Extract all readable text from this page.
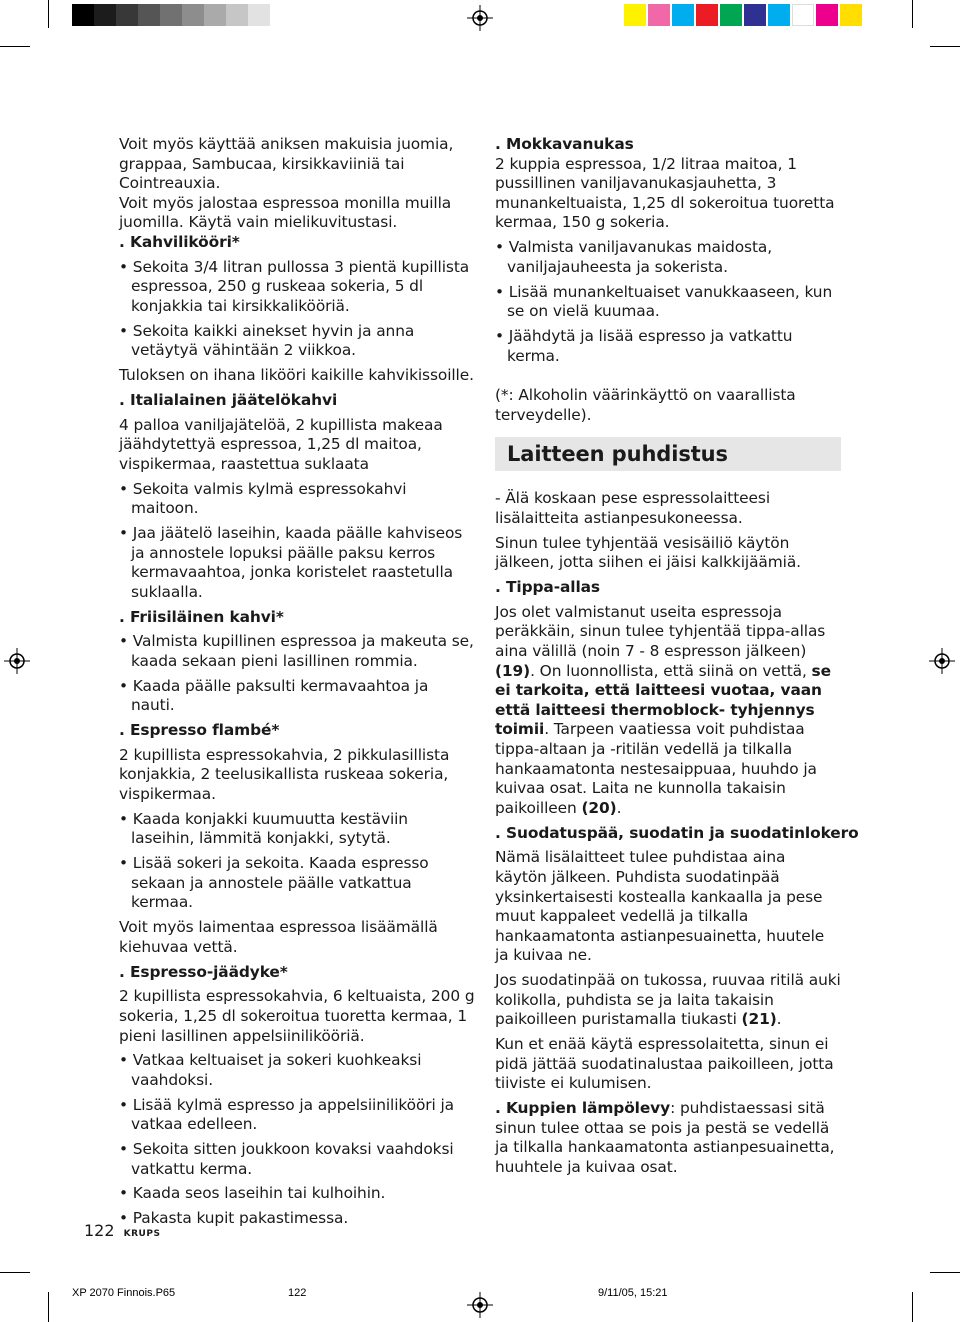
Voit myös käyttää aniksen makuisia juomia, grappaa, Sambucaa, kirsikkaviiniä tai Cointreauxia.

Voit myös jalostaa espressoa monilla muilla juomilla. Käytä vain mielikuvitustasi.

. Kahvilikööri*

• Sekoita 3/4 litran pullossa 3 pientä kupillista espressoa, 250 g ruskeaa sokeria, 5 dl konjakkia tai kirsikkalikööriä.

• Sekoita kaikki ainekset hyvin ja anna vetäytyä vähintään 2 viikkoa.

Tuloksen on ihana likööri kaikille kahvikissoille.

. Italialainen jäätelökahvi

4 palloa vaniljajätelöä, 2 kupillista makeaa jäähdytettyä espressoa, 1,25 dl maitoa, vispikermaa, raastettua suklaata

• Sekoita valmis kylmä espressokahvi maitoon.

• Jaa jäätelö laseihin, kaada päälle kahviseos ja annostele lopuksi päälle paksu kerros kermavaahtoa, jonka koristelet raastetulla suklaalla.

. Friisiläinen kahvi*

• Valmista kupillinen espressoa ja makeuta se, kaada sekaan pieni lasillinen rommia.

• Kaada päälle paksulti kermavaahtoa ja nauti.

. Espresso flambé*

2 kupillista espressokahvia, 2 pikkulasillista konjakkia, 2 teelusikallista ruskeaa sokeria, vispikermaa.

• Kaada konjakki kuumuutta kestäviin laseihin, lämmitä konjakki, sytytä.

• Lisää sokeri ja sekoita. Kaada espresso sekaan ja annostele päälle vatkattua kermaa.

Voit myös laimentaa espressoa lisäämällä kiehuvaa vettä.

. Espresso-jäädyke*

2 kupillista espressokahvia, 6 keltuaista, 200 g sokeria, 1,25 dl sokeroitua tuoretta kermaa, 1 pieni lasillinen appelsiinilikööriä.

• Vatkaa keltuaiset ja sokeri kuohkeaksi vaahdoksi.

• Lisää kylmä espresso ja appelsiinilikööri ja vatkaa edelleen.

• Sekoita sitten joukkoon kovaksi vaahdoksi vatkattu kerma.

• Kaada seos laseihin tai kulhoihin.

• Pakasta kupit pakastimessa.

. Mokkavanukas

2 kuppia espressoa, 1/2 litraa maitoa, 1 pussillinen vaniljavanukasjauhetta, 3 munankeltuaista, 1,25 dl sokeroitua tuoretta kermaa, 150 g sokeria.

• Valmista vaniljavanukas maidosta, vaniljajauheesta ja sokerista.

• Lisää munankeltuaiset vanukkaaseen, kun se on vielä kuumaa.

• Jäähdytä ja lisää espresso ja vatkattu kerma.

(*: Alkoholin väärinkäyttö on vaarallista terveydelle).

Laitteen puhdistus

- Älä koskaan pese espressolaitteesi lisälaitteita astianpesukoneessa.

Sinun tulee tyhjentää vesisäiliö käytön jälkeen, jotta siihen ei jäisi kalkkijäämiä.

. Tippa-allas

Jos olet valmistanut useita espressoja peräkkäin, sinun tulee tyhjentää tippa-allas aina välillä (noin 7 - 8 espresson jälkeen) (19). On luonnollista, että siinä on vettä, se ei tarkoita, että laitteesi vuotaa, vaan että laitteesi thermoblock- tyhjennys toimii. Tarpeen vaatiessa voit puhdistaa tippa-altaan ja -ritilän vedellä ja tilkalla hankaamatonta nestesaippuaa, huuhdo ja kuivaa osat. Laita ne kunnolla takaisin paikoilleen (20).

. Suodatuspää, suodatin ja suodatinlokero

Nämä lisälaitteet tulee puhdistaa aina käytön jälkeen. Puhdista suodatinpää yksinkertaisesti kostealla kankaalla ja pese muut kappaleet vedellä ja tilkalla hankaamatonta astianpesuainetta, huutele ja kuivaa ne.

Jos suodatinpää on tukossa, ruuvaa ritilä auki kolikolla, puhdista se ja laita takaisin paikoilleen puristamalla tiukasti (21).

Kun et enää käytä espressolaitetta, sinun ei pidä jättää suodatinalustaa paikoilleen, jotta tiiviste ei kulumisen.

. Kuppien lämpölevy: puhdistaessasi sitä sinun tulee ottaa se pois ja pestä se vedellä ja tilkalla hankaamatonta astianpesuainetta, huuhtele ja kuivaa osat.

122 KRUPS
XP 2070 Finnois.P65	122	9/11/05, 15:21
